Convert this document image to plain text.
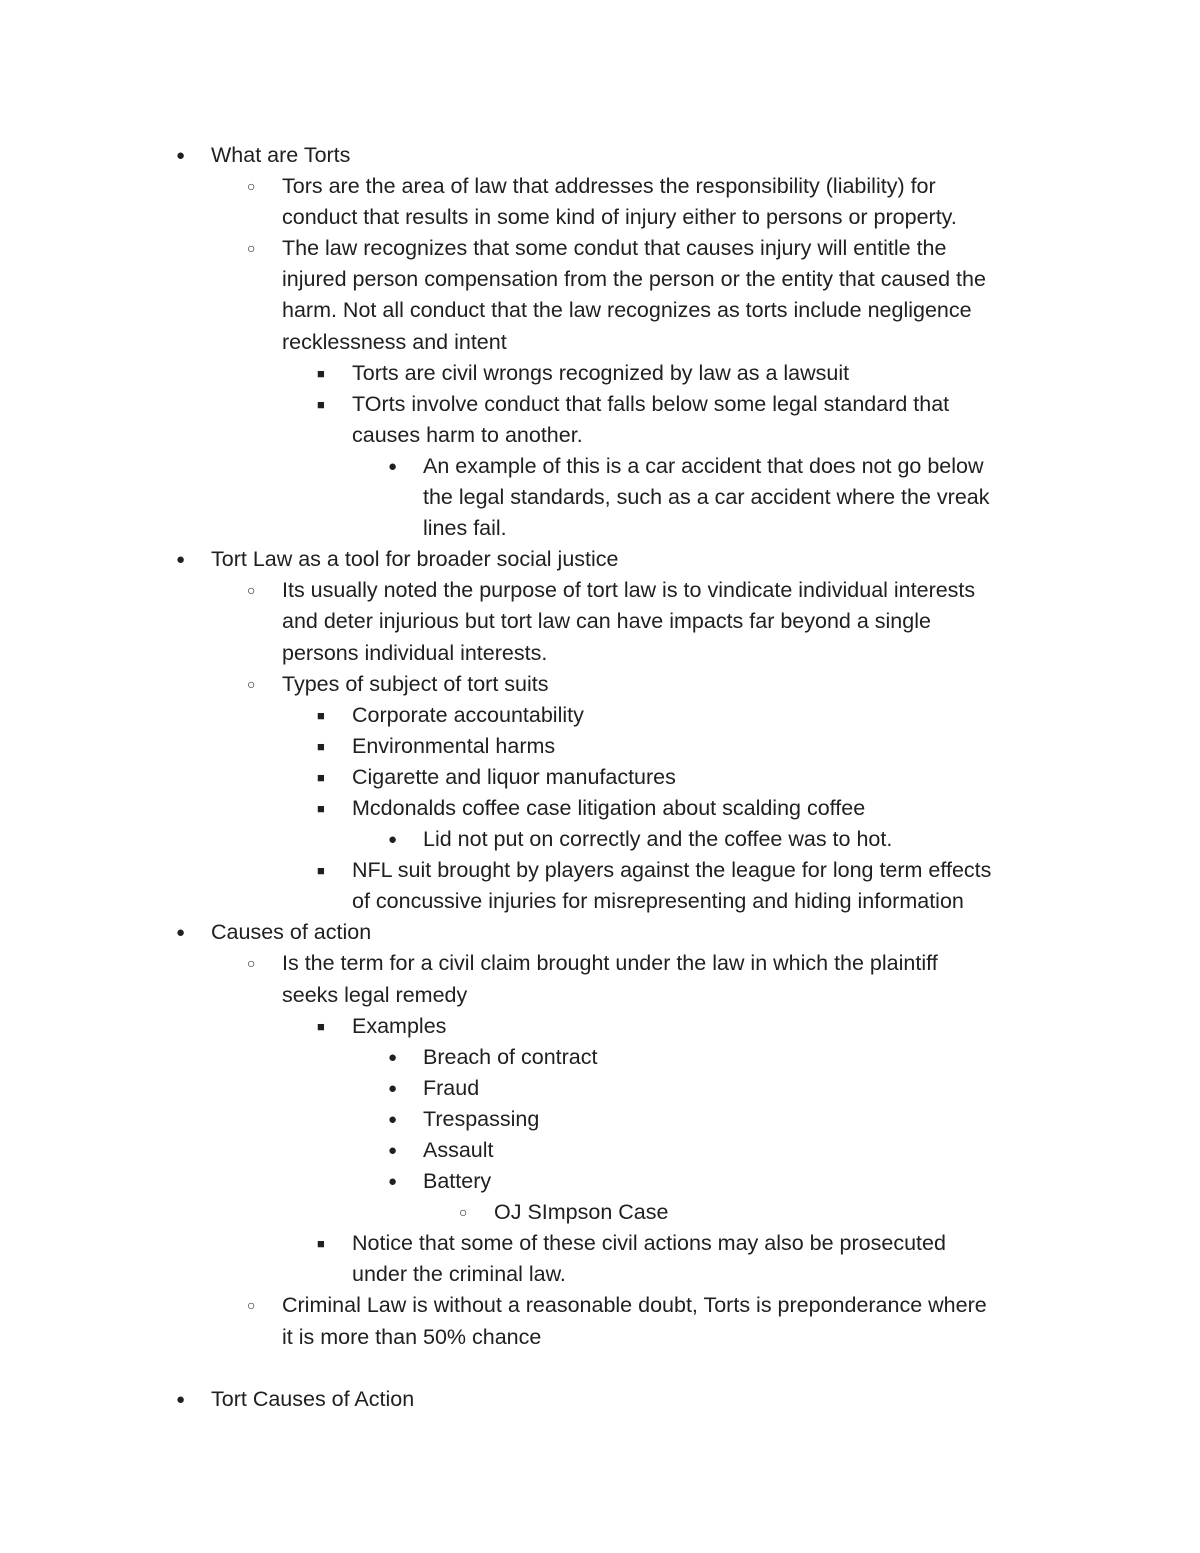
● What are Torts
○ Tors are the area of law that addresses the responsibility (liability) for
conduct that results in some kind of injury either to persons or property.
○ The law recognizes that some condut that causes injury will entitle the
injured person compensation from the person or the entity that caused the
harm. Not all conduct that the law recognizes as torts include negligence
recklessness and intent
■ Torts are civil wrongs recognized by law as a lawsuit
■ TOrts involve conduct that falls below some legal standard that
causes harm to another.
● An example of this is a car accident that does not go below
the legal standards, such as a car accident where the vreak
lines fail.
● Tort Law as a tool for broader social justice
○ Its usually noted the purpose of tort law is to vindicate individual interests
and deter injurious but tort law can have impacts far beyond a single
persons individual interests.
○ Types of subject of tort suits
■ Corporate accountability
■ Environmental harms
■ Cigarette and liquor manufactures
■ Mcdonalds coffee case litigation about scalding coffee
● Lid not put on correctly and the coffee was to hot.
■ NFL suit brought by players against the league for long term effects
of concussive injuries for misrepresenting and hiding information
● Causes of action
○ Is the term for a civil claim brought under the law in which the plaintiff
seeks legal remedy
■ Examples
● Breach of contract
● Fraud
● Trespassing
● Assault
● Battery
○ OJ SImpson Case
■ Notice that some of these civil actions may also be prosecuted
under the criminal law.
○ Criminal Law is without a reasonable doubt, Torts is preponderance where
it is more than 50% chance
● Tort Causes of Action
